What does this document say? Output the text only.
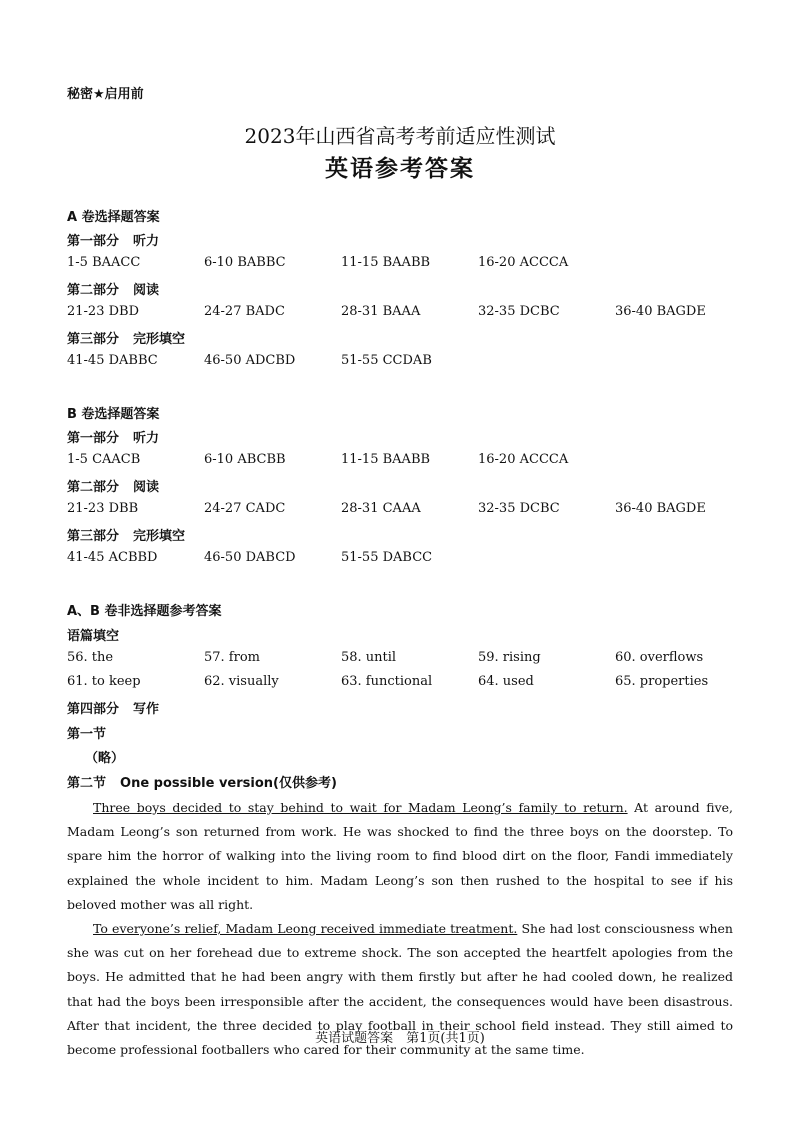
秘密★启用前
2023年山西省高考考前适应性测试
英语参考答案
A 卷选择题答案
第一部分 听力
1-5 BAACC	6-10 BABBC	11-15 BAABB	16-20 ACCCA
第二部分 阅读
21-23 DBD	24-27 BADC	28-31 BAAA	32-35 DCBC	36-40 BAGDE
第三部分 完形填空
41-45 DABBC	46-50 ADCBD	51-55 CCDAB
B 卷选择题答案
第一部分 听力
1-5 CAACB	6-10 ABCBB	11-15 BAABB	16-20 ACCCA
第二部分 阅读
21-23 DBB	24-27 CADC	28-31 CAAA	32-35 DCBC	36-40 BAGDE
第三部分 完形填空
41-45 ACBBD	46-50 DABCD	51-55 DABCC
A、B 卷非选择题参考答案
语篇填空
56. the	57. from	58. until	59. rising	60. overflows
61. to keep	62. visually	63. functional	64. used	65. properties
第四部分 写作
第一节
（略）
第二节 One possible version(仅供参考)

Three boys decided to stay behind to wait for Madam Leong’s family to return. At around five, Madam Leong’s son returned from work. He was shocked to find the three boys on the doorstep. To spare him the horror of walking into the living room to find blood dirt on the floor, Fandi immediately explained the whole incident to him. Madam Leong’s son then rushed to the hospital to see if his beloved mother was all right.

To everyone’s relief, Madam Leong received immediate treatment. She had lost consciousness when she was cut on her forehead due to extreme shock. The son accepted the heartfelt apologies from the boys. He admitted that he had been angry with them firstly but after he had cooled down, he realized that had the boys been irresponsible after the accident, the consequences would have been disastrous. After that incident, the three decided to play football in their school field instead. They still aimed to become professional footballers who cared for their community at the same time.

英语试题答案　第1页(共1页)
